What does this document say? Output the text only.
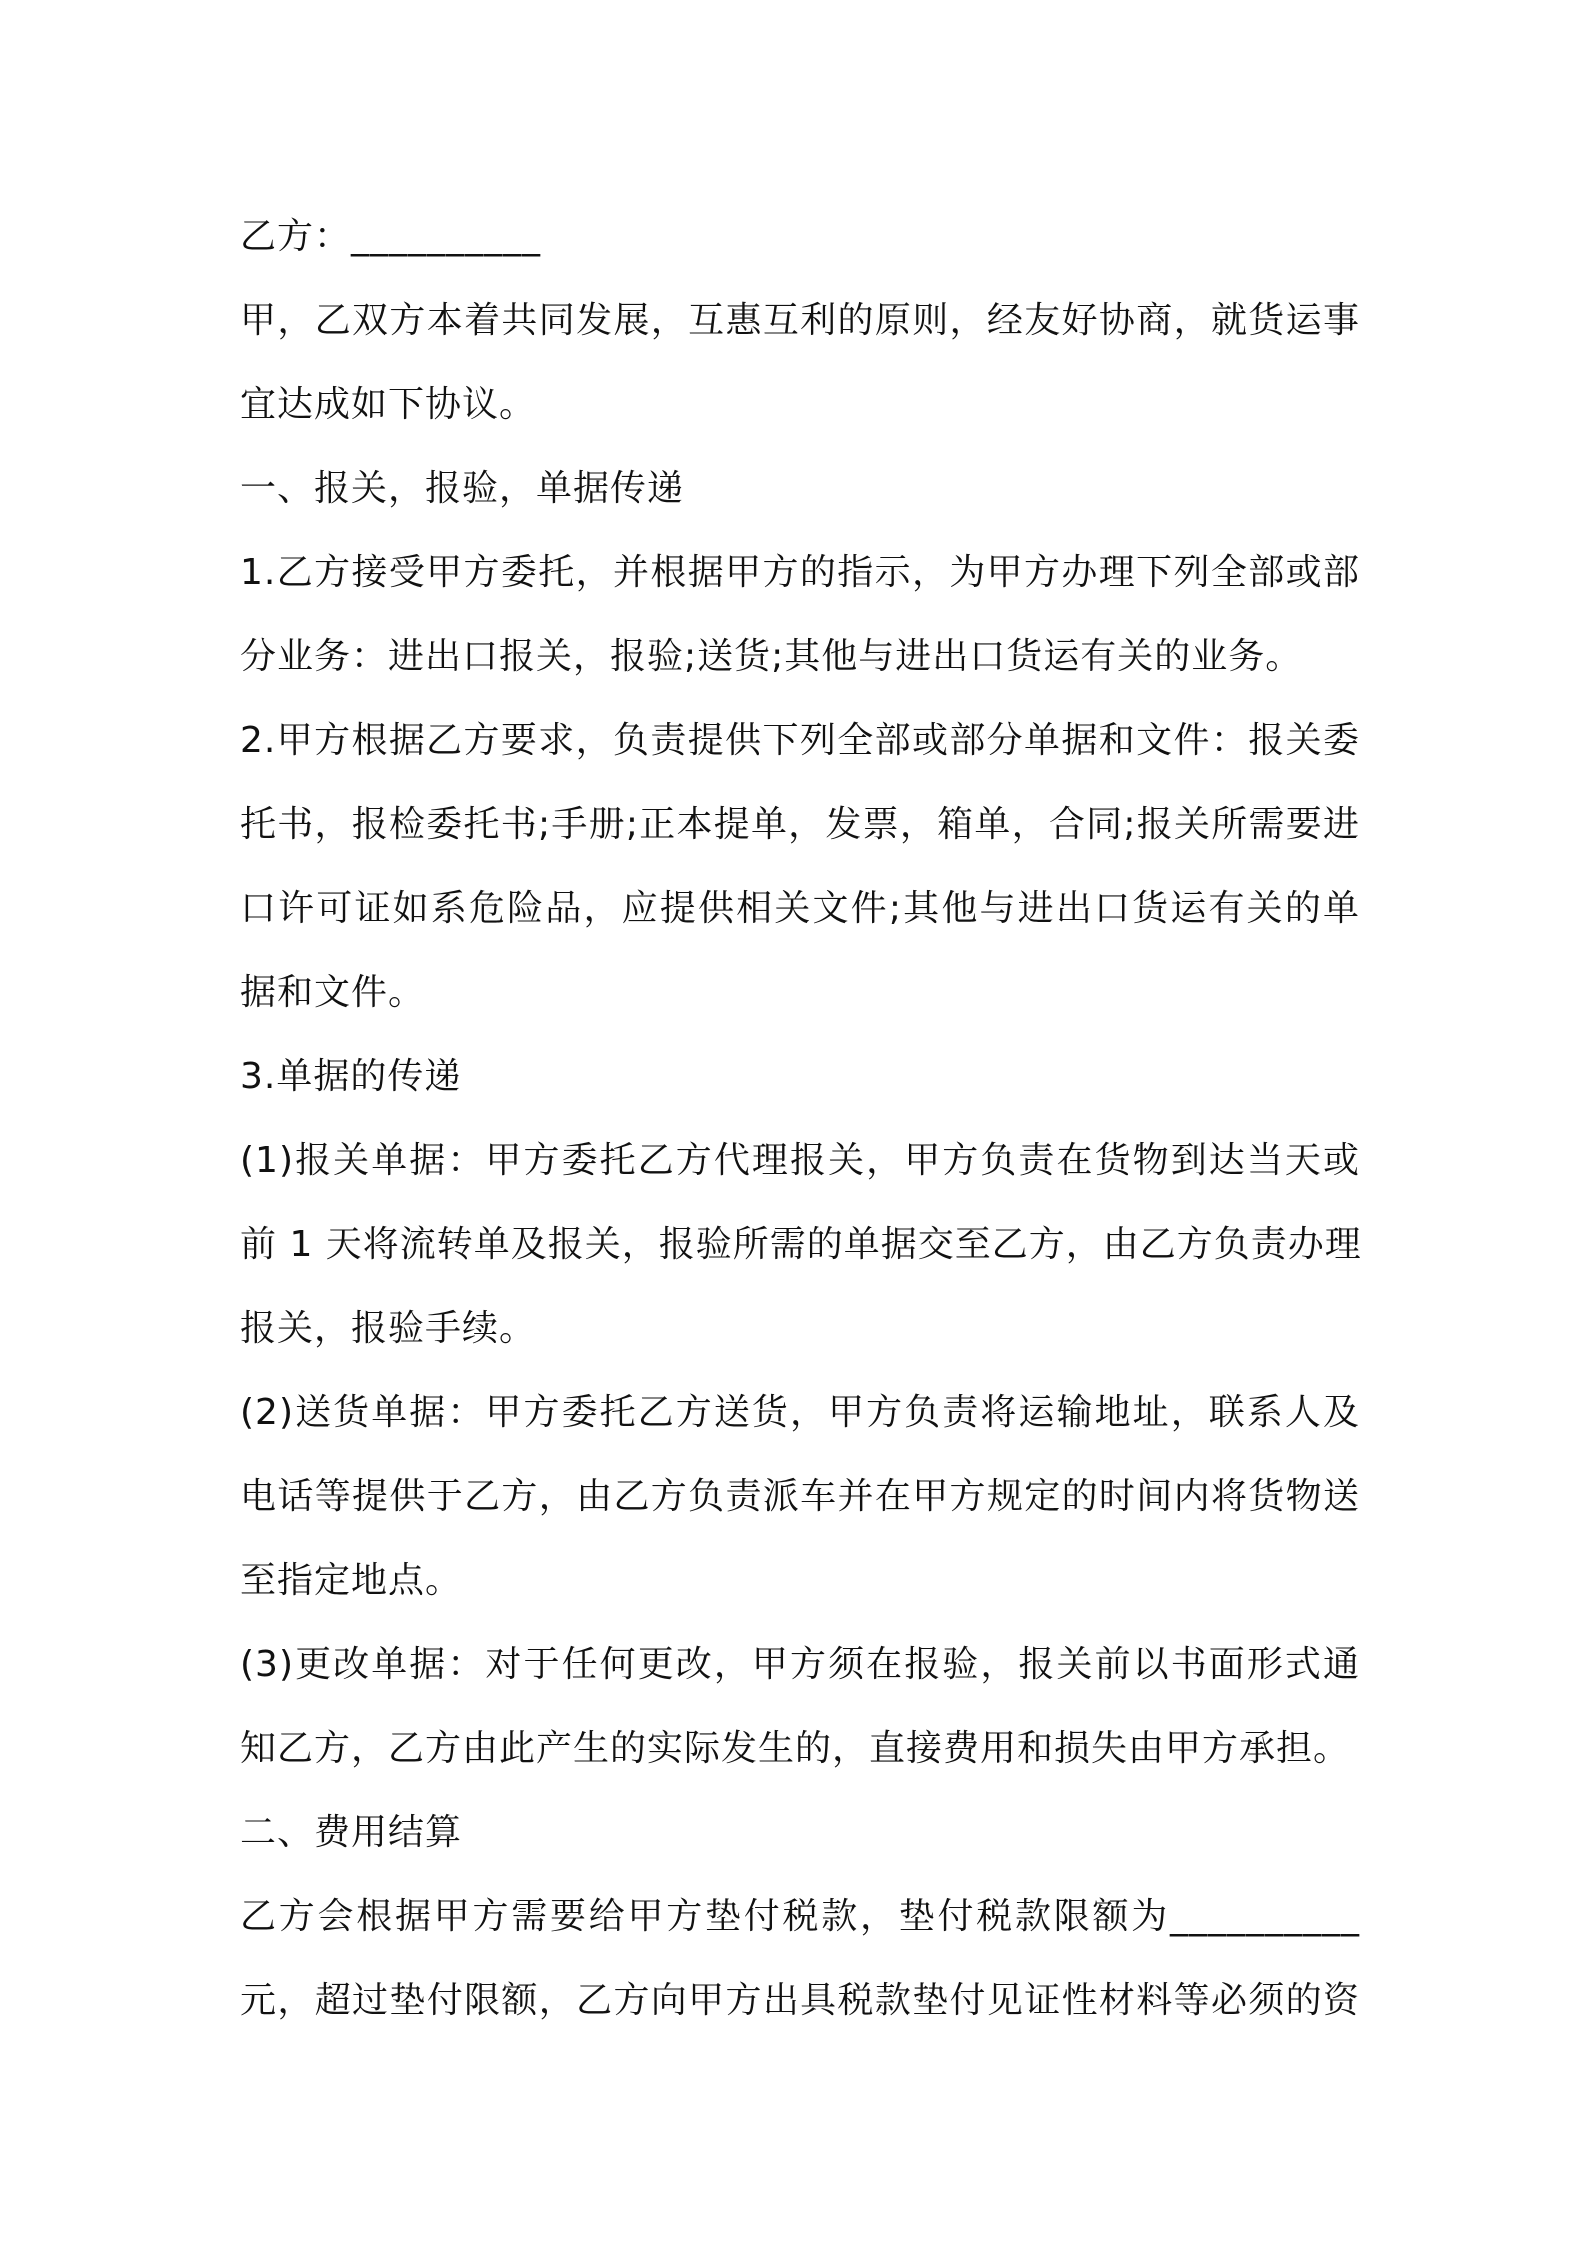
乙方：__________
甲，乙双方本着共同发展，互惠互利的原则，经友好协商，就货运事
宜达成如下协议。
一、报关，报验，单据传递
1.乙方接受甲方委托，并根据甲方的指示，为甲方办理下列全部或部
分业务：进出口报关，报验;送货;其他与进出口货运有关的业务。
2.甲方根据乙方要求，负责提供下列全部或部分单据和文件：报关委
托书，报检委托书;手册;正本提单，发票，箱单，合同;报关所需要进
口许可证如系危险品，应提供相关文件;其他与进出口货运有关的单
据和文件。
3.单据的传递
(1)报关单据：甲方委托乙方代理报关，甲方负责在货物到达当天或
前 1 天将流转单及报关，报验所需的单据交至乙方，由乙方负责办理
报关，报验手续。
(2)送货单据：甲方委托乙方送货，甲方负责将运输地址，联系人及
电话等提供于乙方，由乙方负责派车并在甲方规定的时间内将货物送
至指定地点。
(3)更改单据：对于任何更改，甲方须在报验，报关前以书面形式通
知乙方，乙方由此产生的实际发生的，直接费用和损失由甲方承担。
二、费用结算
乙方会根据甲方需要给甲方垫付税款，垫付税款限额为__________
元，超过垫付限额，乙方向甲方出具税款垫付见证性材料等必须的资
